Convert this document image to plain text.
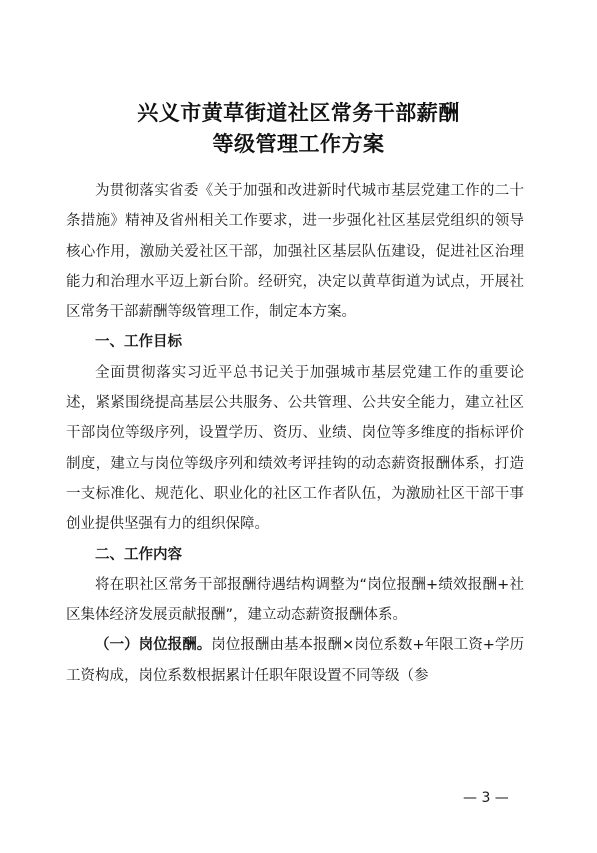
兴义市黄草街道社区常务干部薪酬
等级管理工作方案

为贯彻落实省委《关于加强和改进新时代城市基层党建工作的二十条措施》精神及省州相关工作要求，进一步强化社区基层党组织的领导核心作用，激励关爱社区干部，加强社区基层队伍建设，促进社区治理能力和治理水平迈上新台阶。经研究，决定以黄草街道为试点，开展社区常务干部薪酬等级管理工作，制定本方案。

一、工作目标

全面贯彻落实习近平总书记关于加强城市基层党建工作的重要论述，紧紧围绕提高基层公共服务、公共管理、公共安全能力，建立社区干部岗位等级序列，设置学历、资历、业绩、岗位等多维度的指标评价制度，建立与岗位等级序列和绩效考评挂钩的动态薪资报酬体系，打造一支标准化、规范化、职业化的社区工作者队伍，为激励社区干部干事创业提供坚强有力的组织保障。

二、工作内容

将在职社区常务干部报酬待遇结构调整为“岗位报酬+绩效报酬+社区集体经济发展贡献报酬”，建立动态薪资报酬体系。

（一）岗位报酬。岗位报酬由基本报酬×岗位系数+年限工资+学历工资构成，岗位系数根据累计任职年限设置不同等级（参

— 3 —
